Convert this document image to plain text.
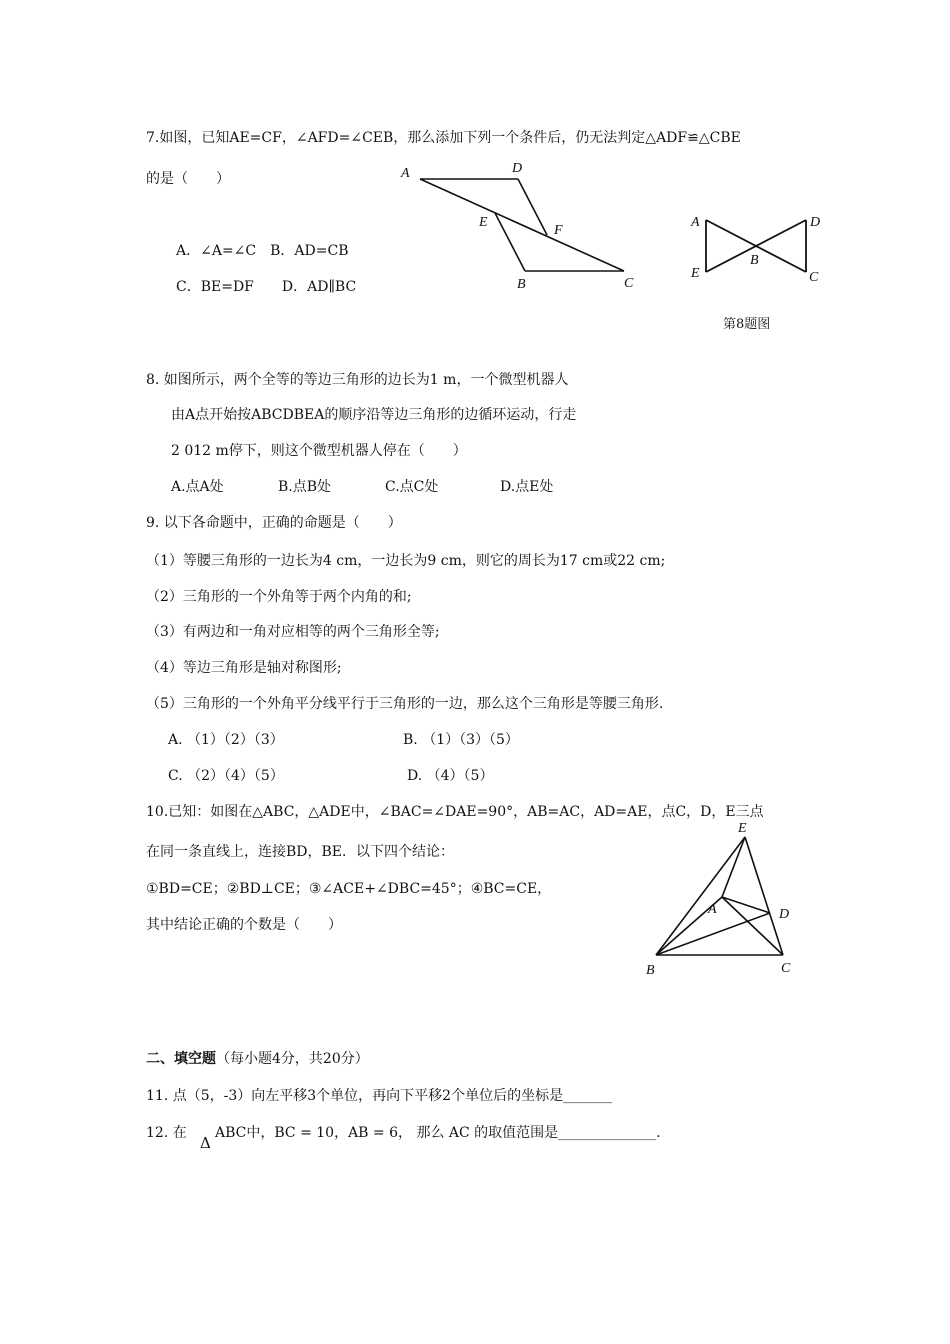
7.如图，已知AE=CF，∠AFD=∠CEB，那么添加下列一个条件后，仍无法判定△ADF≌△CBE
的是（　　）
A．∠A=∠C　B．AD=CB
C．BE=DF　　D．AD∥BC
A	D
E
F
B	C
A	D
B
E	C
第8题图
8. 如图所示，两个全等的等边三角形的边长为1 m，一个微型机器人
由A点开始按ABCDBEA的顺序沿等边三角形的边循环运动，行走
2 012 m停下，则这个微型机器人停在（　　）
A.点A处	B.点B处	C.点C处	D.点E处
9. 以下各命题中，正确的命题是（　　）
（1）等腰三角形的一边长为4 cm，一边长为9 cm，则它的周长为17 cm或22 cm;
（2）三角形的一个外角等于两个内角的和;
（3）有两边和一角对应相等的两个三角形全等;
（4）等边三角形是轴对称图形;
（5）三角形的一个外角平分线平行于三角形的一边，那么这个三角形是等腰三角形.
A. （1）（2）（3）	B. （1）（3）（5）
C. （2）（4）（5）	D. （4）（5）
10.已知：如图在△ABC，△ADE中，∠BAC=∠DAE=90°，AB=AC，AD=AE，点C，D，E三点
在同一条直线上，连接BD，BE．以下四个结论：
①BD=CE；②BD⊥CE；③∠ACE+∠DBC=45°；④BC=CE，
其中结论正确的个数是（　　）
E
A	D
B	C
二、填空题（每小题4分，共20分）
11. 点（5，-3）向左平移3个单位，再向下平移2个单位后的坐标是_______
12. 在
Δ
ABC中，BC = 10，AB = 6， 那么 AC 的取值范围是______________.
